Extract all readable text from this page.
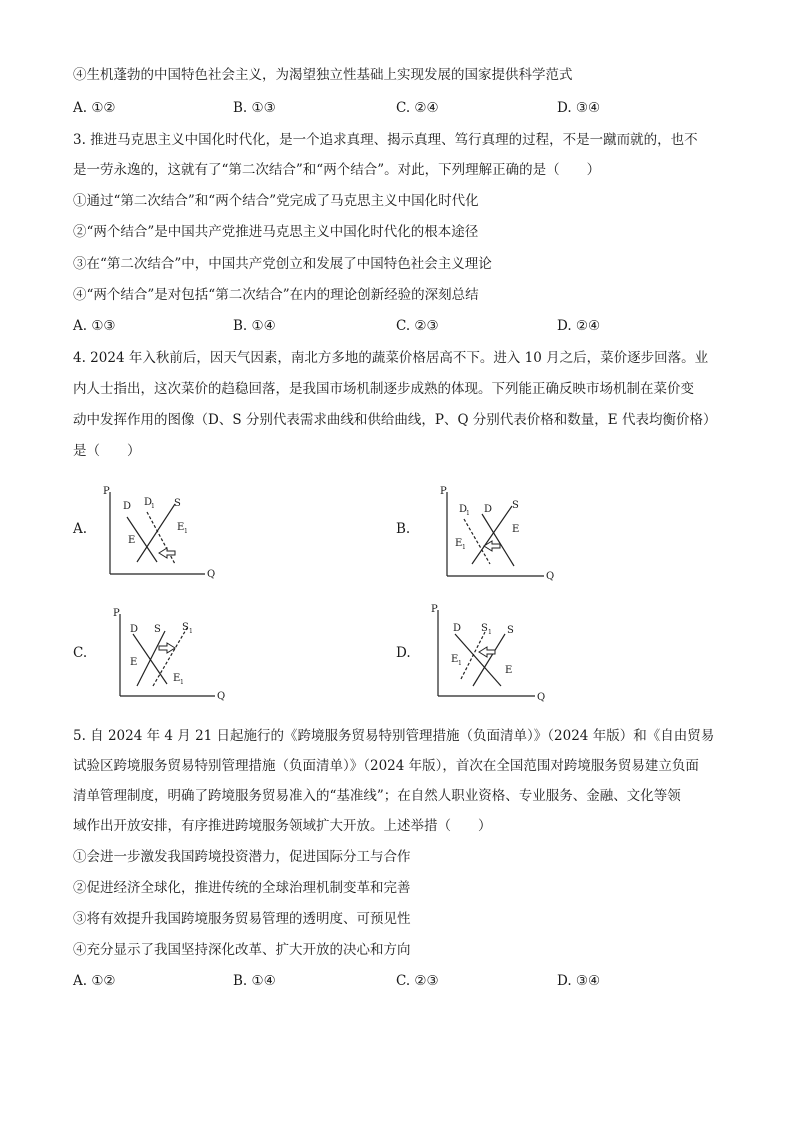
④生机蓬勃的中国特色社会主义，为渴望独立性基础上实现发展的国家提供科学范式
A. ①②	B. ①③	C. ②④	D. ③④
3. 推进马克思主义中国化时代化，是一个追求真理、揭示真理、笃行真理的过程，不是一蹴而就的，也不
是一劳永逸的，这就有了“第二次结合”和“两个结合”。对此，下列理解正确的是（　　）
①通过“第二次结合”和“两个结合”党完成了马克思主义中国化时代化
②“两个结合”是中国共产党推进马克思主义中国化时代化的根本途径
③在“第二次结合”中，中国共产党创立和发展了中国特色社会主义理论
④“两个结合”是对包括“第二次结合”在内的理论创新经验的深刻总结
A. ①③	B. ①④	C. ②③	D. ②④
4. 2024 年入秋前后，因天气因素，南北方多地的蔬菜价格居高不下。进入 10 月之后，菜价逐步回落。业
内人士指出，这次菜价的趋稳回落，是我国市场机制逐步成熟的体现。下列能正确反映市场机制在菜价变
动中发挥作用的图像（D、S 分别代表需求曲线和供给曲线，P、Q 分别代表价格和数量，E 代表均衡价格）
是（　　）
A.
P
Q
D D
1 S
E 1
E
B.
P
Q
D
1 D S
E
E 1
C.
P
Q
D S S 1
E
E 1
D.
P
Q
D S 1 S
E 1
E
5. 自 2024 年 4 月 21 日起施行的《跨境服务贸易特别管理措施（负面清单）》（2024 年版）和《自由贸易
试验区跨境服务贸易特别管理措施（负面清单）》（2024 年版），首次在全国范围对跨境服务贸易建立负面
清单管理制度，明确了跨境服务贸易准入的“基准线”；在自然人职业资格、专业服务、金融、文化等领
域作出开放安排，有序推进跨境服务领域扩大开放。上述举措（　　）
①会进一步激发我国跨境投资潜力，促进国际分工与合作
②促进经济全球化，推进传统的全球治理机制变革和完善
③将有效提升我国跨境服务贸易管理的透明度、可预见性
④充分显示了我国坚持深化改革、扩大开放的决心和方向
A. ①②	B. ①④	C. ②③	D. ③④
